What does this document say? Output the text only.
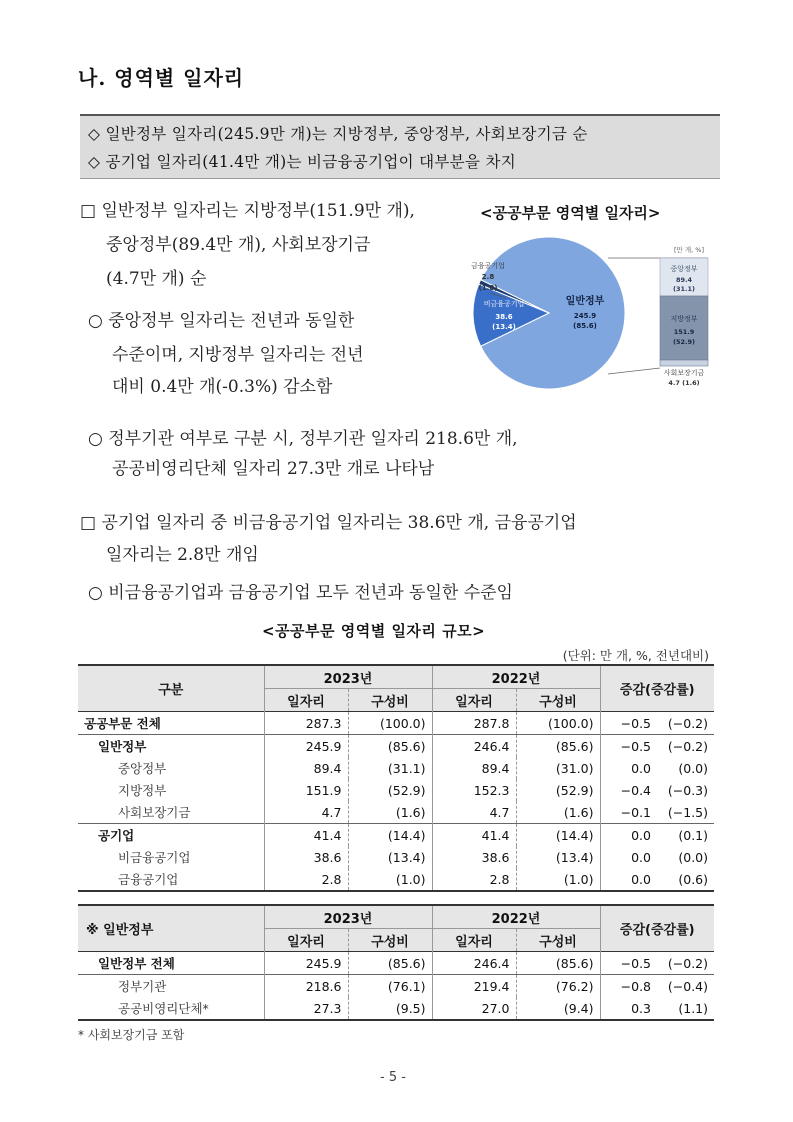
나. 영역별 일자리
◇ 일반정부 일자리(245.9만 개)는 지방정부, 중앙정부, 사회보장기금 순
◇ 공기업 일자리(41.4만 개)는 비금융공기업이 대부분을 차지
□ 일반정부 일자리는 지방정부(151.9만 개),
중앙정부(89.4만 개), 사회보장기금
(4.7만 개) 순
○ 중앙정부 일자리는 전년과 동일한
수준이며, 지방정부 일자리는 전년
대비 0.4만 개(-0.3%) 감소함
○ 정부기관 여부로 구분 시, 정부기관 일자리 218.6만 개,
공공비영리단체 일자리 27.3만 개로 나타남
□ 공기업 일자리 중 비금융공기업 일자리는 38.6만 개, 금융공기업
일자리는 2.8만 개임
○ 비금융공기업과 금융공기업 모두 전년과 동일한 수준임
<공공부문 영역별 일자리>
금융공기업
2.8
(1.0)
비금융공기업
38.6
(13.4)
일반정부
245.9
(85.6)
[만 개, %]
중앙정부
89.4
(31.1)
지방정부
151.9
(52.9)
사회보장기금
4.7 (1.6)
<공공부문 영역별 일자리 규모>
(단위: 만 개, %, 전년대비)
구분	2023년		2022년		증감(증감률)	
	일자리	구성비	일자리	구성비		
공공부문 전체	287.3	(100.0)	287.8	(100.0)	−0.5	(−0.2)
일반정부	245.9	(85.6)	246.4	(85.6)	−0.5	(−0.2)
중앙정부	89.4	(31.1)	89.4	(31.0)	0.0	(0.0)
지방정부	151.9	(52.9)	152.3	(52.9)	−0.4	(−0.3)
사회보장기금	4.7	(1.6)	4.7	(1.6)	−0.1	(−1.5)
공기업	41.4	(14.4)	41.4	(14.4)	0.0	(0.1)
비금융공기업	38.6	(13.4)	38.6	(13.4)	0.0	(0.0)
금융공기업	2.8	(1.0)	2.8	(1.0)	0.0	(0.6)
※ 일반정부	2023년		2022년		증감(증감률)	
	일자리	구성비	일자리	구성비		
일반정부 전체	245.9	(85.6)	246.4	(85.6)	−0.5	(−0.2)
정부기관	218.6	(76.1)	219.4	(76.2)	−0.8	(−0.4)
공공비영리단체*	27.3	(9.5)	27.0	(9.4)	0.3	(1.1)
* 사회보장기금 포함
- 5 -
